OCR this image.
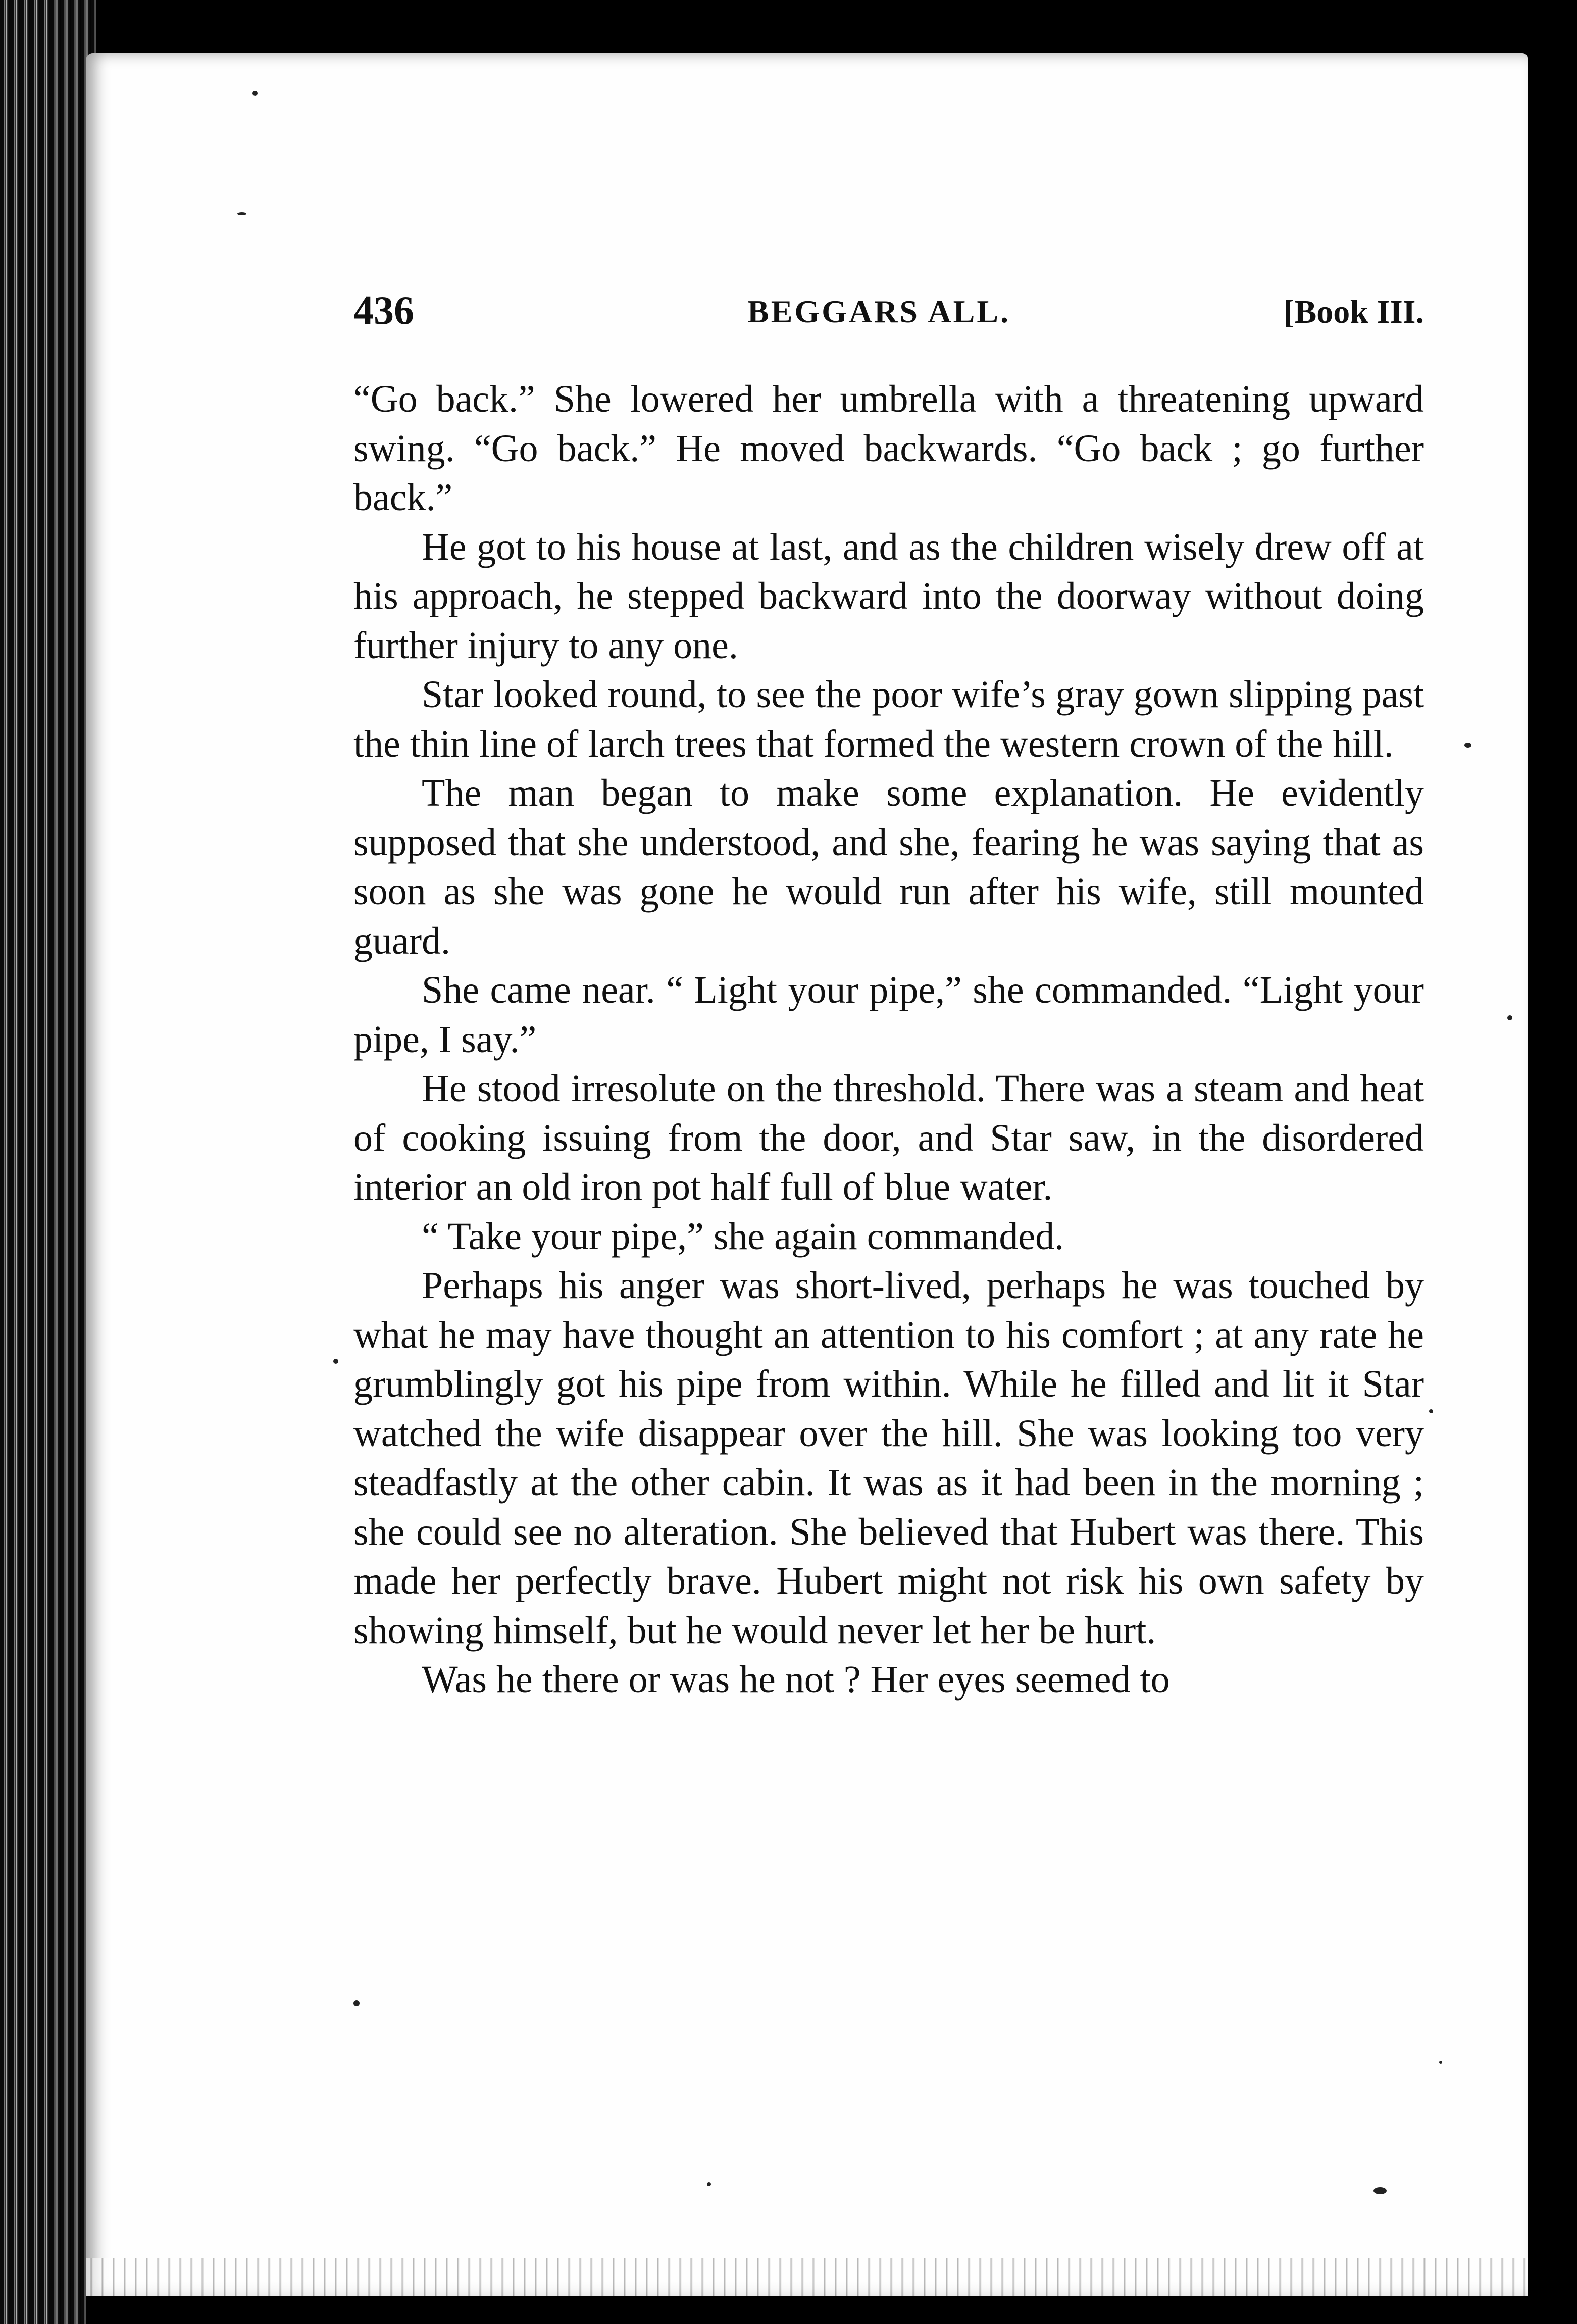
436	BEGGARS ALL.	[Book III.

“Go back.” She lowered her umbrella with a threatening upward swing. “Go back.” He moved backwards. “Go back ; go further back.”

He got to his house at last, and as the children wisely drew off at his approach, he stepped backward into the doorway without doing further injury to any one.

Star looked round, to see the poor wife’s gray gown slipping past the thin line of larch trees that formed the western crown of the hill.

The man began to make some explanation. He evidently supposed that she understood, and she, fearing he was saying that as soon as she was gone he would run after his wife, still mounted guard.

She came near. “ Light your pipe,” she commanded. “Light your pipe, I say.”

He stood irresolute on the threshold. There was a steam and heat of cooking issuing from the door, and Star saw, in the disordered interior an old iron pot half full of blue water.

“ Take your pipe,” she again commanded.

Perhaps his anger was short-lived, perhaps he was touched by what he may have thought an attention to his comfort ; at any rate he grumblingly got his pipe from within. While he filled and lit it Star watched the wife disappear over the hill. She was looking too very steadfastly at the other cabin. It was as it had been in the morning ; she could see no alteration. She believed that Hubert was there. This made her perfectly brave. Hubert might not risk his own safety by showing himself, but he would never let her be hurt.

Was he there or was he not ? Her eyes seemed to
